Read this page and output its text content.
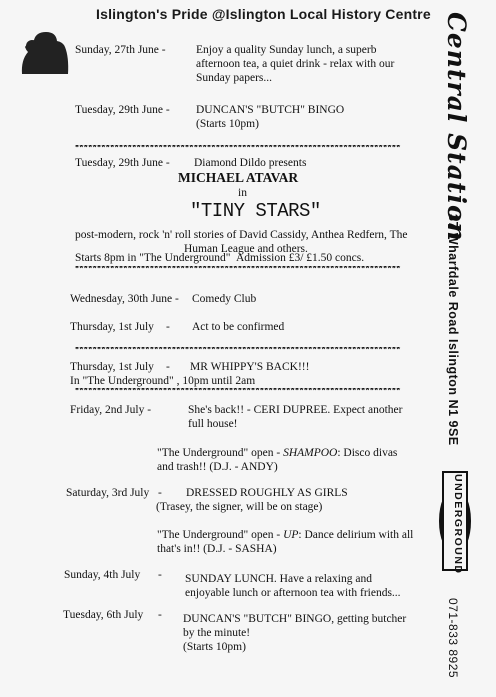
Islington's Pride @Islington Local History Centre
Sunday, 27th June -	Enjoy a quality Sunday lunch, a superb
afternoon tea, a quiet drink - relax with our
Sunday papers...
Tuesday, 29th June - DUNCAN'S "BUTCH" BINGO
(Starts 10pm)
**************************************************************************
Tuesday, 29th June - Diamond Dildo presents
MICHAEL ATAVAR
in
"TINY STARS"
post-modern, rock 'n' roll stories of David Cassidy, Anthea Redfern, The
Human League and others.
Starts 8pm in "The Underground" Admission £3/ £1.50 concs.
**************************************************************************
Wednesday, 30th June - Comedy Club
Thursday, 1st July - Act to be confirmed
**************************************************************************
Thursday, 1st July - MR WHIPPY'S BACK!!!
In "The Underground" , 10pm until 2am
**************************************************************************
Friday, 2nd July -	She's back!! - CERI DUPREE. Expect another
full house!
"The Underground" open - SHAMPOO: Disco divas
and trash!! (D.J. - ANDY)
Saturday, 3rd July - DRESSED ROUGHLY AS GIRLS
(Trasey, the signer, will be on stage)
"The Underground" open - UP: Dance delirium with all
that's in!! (D.J. - SASHA)
Sunday, 4th July - SUNDAY LUNCH. Have a relaxing and
enjoyable lunch or afternoon tea with friends...
Tuesday, 6th July - DUNCAN'S "BUTCH" BINGO, getting butcher
by the minute!
(Starts 10pm)
Central Station
37 Wharfdale Road Islington N1 9SE
UNDERGROUND
071-833 8925
